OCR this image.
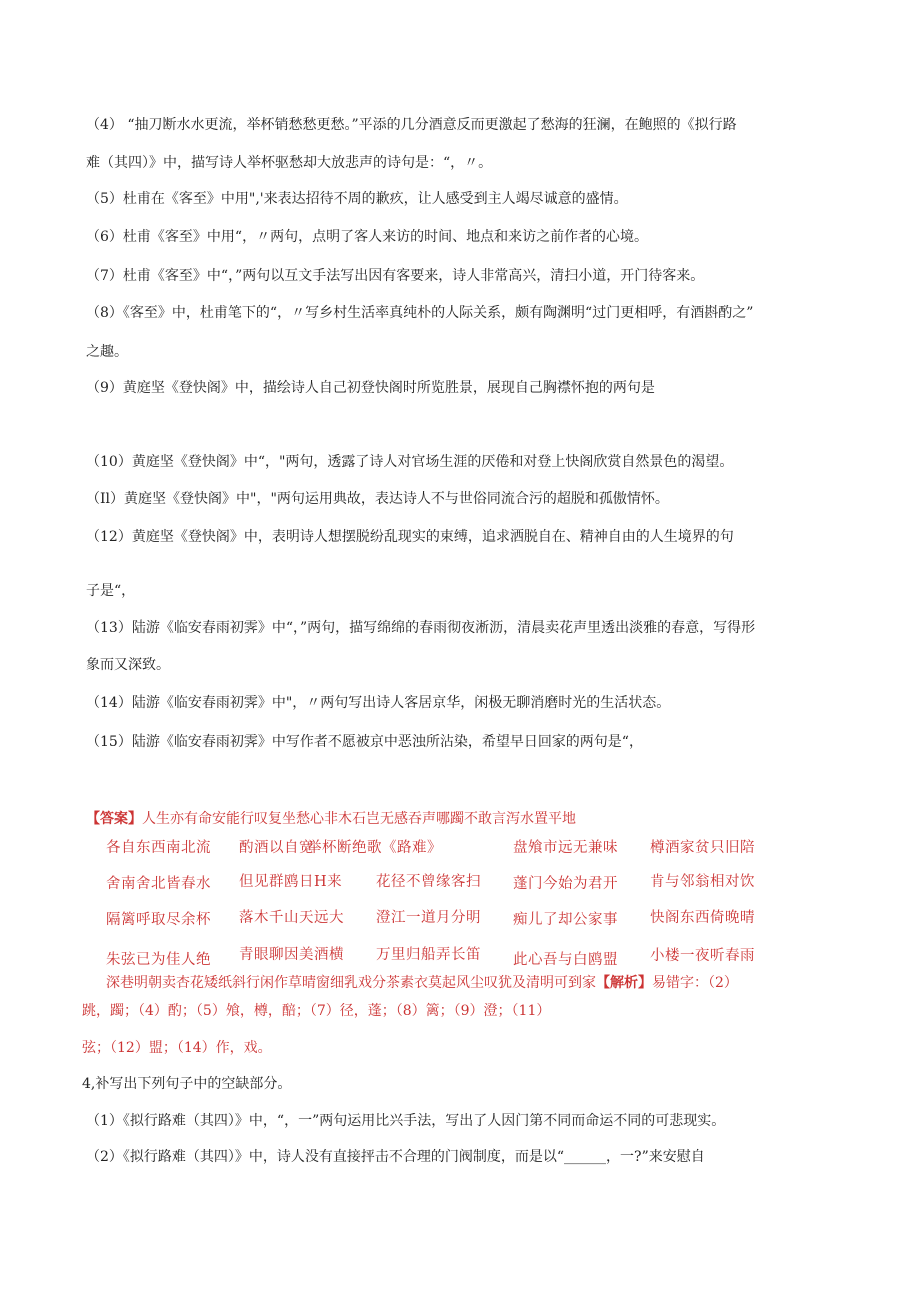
（4） “抽刀断水水更流，举杯销愁愁更愁。”平添的几分酒意反而更激起了愁海的狂澜，在鲍照的《拟行路
难（其四）》中，描写诗人举杯驱愁却大放悲声的诗句是：“，〃。
（5）杜甫在《客至》中用",'来表达招待不周的歉疚，让人感受到主人竭尽诚意的盛情。
（6）杜甫《客至》中用“，〃两句，点明了客人来访的时间、地点和来访之前作者的心境。
（7）杜甫《客至》中“，”两句以互文手法写出因有客要来，诗人非常高兴，清扫小道，开门待客来。
（8）《客至》中，杜甫笔下的“，〃写乡村生活率真纯朴的人际关系，颇有陶渊明“过门更相呼，有酒斟酌之”
之趣。
（9）黄庭坚《登快阁》中，描绘诗人自己初登快阁时所览胜景，展现自己胸襟怀抱的两句是
（10）黄庭坚《登快阁》中“，"两句，透露了诗人对官场生涯的厌倦和对登上快阁欣赏自然景色的渴望。
（Il）黄庭坚《登快阁》中"，"两句运用典故，表达诗人不与世俗同流合污的超脱和孤傲情怀。
（12）黄庭坚《登快阁》中，表明诗人想摆脱纷乱现实的束缚，追求洒脱自在、精神自由的人生境界的句
子是“，
（13）陆游《临安春雨初霁》中“，”两句，描写绵绵的春雨彻夜淅沥，清晨卖花声里透出淡雅的春意，写得形
象而又深致。
（14）陆游《临安春雨初霁》中"，〃两句写出诗人客居京华，闲极无聊消磨时光的生活状态。
（15）陆游《临安春雨初霁》中写作者不愿被京中恶浊所沾染，希望早日回家的两句是“，
【答案】人生亦有命安能行叹复坐愁心非木石岂无感吞声哪躅不敢言泻水置平地
各自东西南北流 酌酒以自宽
举杯断绝歌《路难》	盘飧市远无兼味 樽酒家贫只旧陪
舍南舍北皆春水 但见群鸥日H来 花径不曾缘客扫 蓬门今始为君开 肯与邻翁相对饮
隔篱呼取尽余杯 落木千山天远大 澄江一道月分明 痴儿了却公家事 快阁东西倚晚晴
朱弦已为佳人绝 青眼聊因美酒横 万里归船弄长笛 此心吾与白鸥盟 小楼一夜听春雨
深巷明朝卖杏花矮纸斜行闲作草晴窗细乳戏分茶素衣莫起风尘叹犹及清明可到家【解析】易错字：（2）
跳，躅；（4）酌；（5）飧，樽，醅；（7）径，蓬；（8）篱；（9）澄；（11）
弦；（12）盟；（14）作，戏。
4,补写出下列句子中的空缺部分。
（1）《拟行路难（其四）》中，“，一”两句运用比兴手法，写出了人因门第不同而命运不同的可悲现实。
（2）《拟行路难（其四）》中，诗人没有直接抨击不合理的门阀制度，而是以“______，一?”来安慰自
